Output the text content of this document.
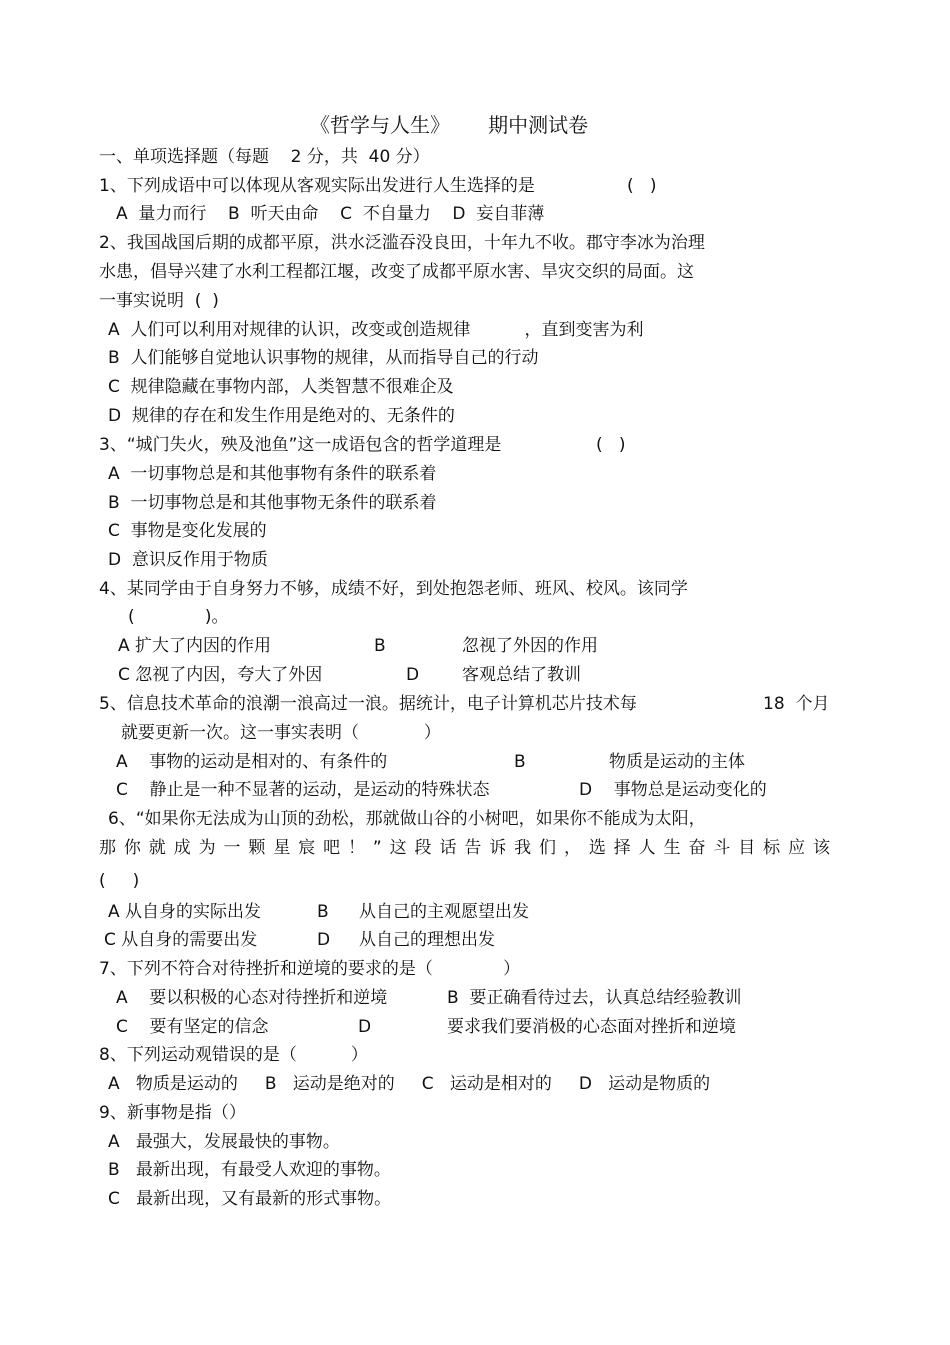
《哲学与人生》      期中测试卷
一、单项选择题（每题    2 分，共  40 分）
1、下列成语中可以体现从客观实际出发进行人生选择的是	(   )
A  量力而行    B  听天由命    C  不自量力    D  妄自菲薄
2、我国战国后期的成都平原，洪水泛滥吞没良田，十年九不收。郡守李冰为治理
水患，倡导兴建了水利工程都江堰，改变了成都平原水害、旱灾交织的局面。这
一事实说明  (  )
A  人们可以利用对规律的认识，改变或创造规律          ，直到变害为利
B  人们能够自觉地认识事物的规律，从而指导自己的行动
C  规律隐藏在事物内部，人类智慧不很难企及
D  规律的存在和发生作用是绝对的、无条件的
3、“城门失火，殃及池鱼”这一成语包含的哲学道理是	(   )
A  一切事物总是和其他事物有条件的联系着
B  一切事物总是和其他事物无条件的联系着
C  事物是变化发展的
D  意识反作用于物质
4、某同学由于自身努力不够，成绩不好，到处抱怨老师、班风、校风。该同学
(             )。
A 扩大了内因的作用	B	忽视了外因的作用
C 忽视了内因，夸大了外因	D	客观总结了教训
5、信息技术革命的浪潮一浪高过一浪。据统计，电子计算机芯片技术每	18  个月
就要更新一次。这一事实表明（            ）
A    事物的运动是相对的、有条件的	B	物质是运动的主体
C    静止是一种不显著的运动，是运动的特殊状态	D    事物总是运动变化的
6、“如果你无法成为山顶的劲松，那就做山谷的小树吧，如果你不能成为太阳，
那你就成为一颗星宸吧！”这段话告诉我们，选择人生奋斗目标应该
(     )
A 从自身的实际出发	B 从自己的主观愿望出发
C 从自身的需要出发	D 从自己的理想出发
7、下列不符合对待挫折和逆境的要求的是（             ）
A    要以积极的心态对待挫折和逆境	B  要正确看待过去，认真总结经验教训
C    要有坚定的信念	D	要求我们要消极的心态面对挫折和逆境
8、下列运动观错误的是（          ）
A   物质是运动的     B   运动是绝对的     C   运动是相对的     D   运动是物质的
9、新事物是指（）
A   最强大，发展最快的事物。
B   最新出现，有最受人欢迎的事物。
C   最新出现，又有最新的形式事物。
